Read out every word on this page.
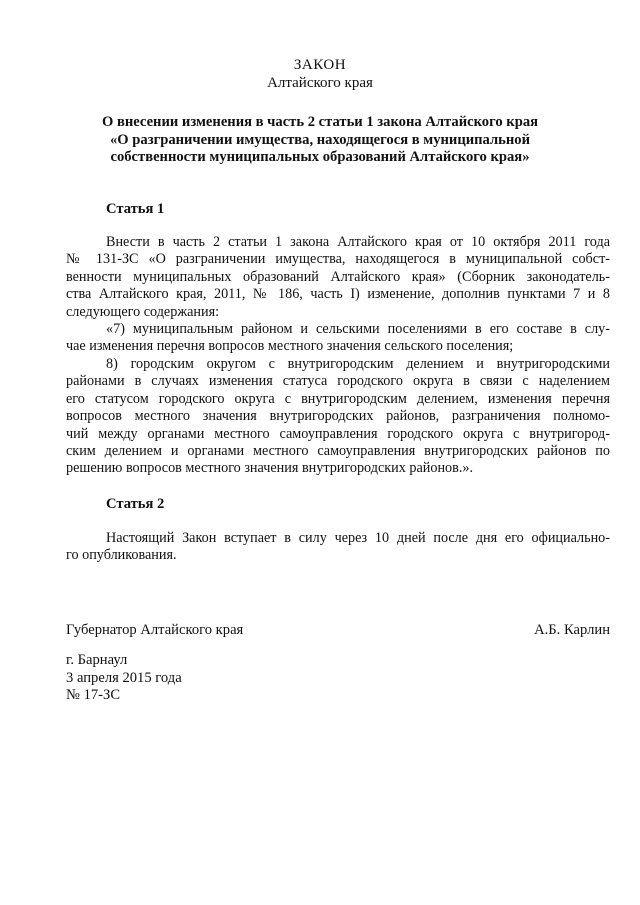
ЗАКОН
Алтайского края
О внесении изменения в часть 2 статьи 1 закона Алтайского края
«О разграничении имущества, находящегося в муниципальной
собственности муниципальных образований Алтайского края»
Статья 1
Внести в часть 2 статьи 1 закона Алтайского края от 10 октября 2011 года
№ 131-ЗС «О разграничении имущества, находящегося в муниципальной собст-
венности муниципальных образований Алтайского края» (Сборник законодатель-
ства Алтайского края, 2011, № 186, часть I) изменение, дополнив пунктами 7 и 8
следующего содержания:
«7) муниципальным районом и сельскими поселениями в его составе в слу-
чае изменения перечня вопросов местного значения сельского поселения;
8) городским округом с внутригородским делением и внутригородскими
районами в случаях изменения статуса городского округа в связи с наделением
его статусом городского округа с внутригородским делением, изменения перечня
вопросов местного значения внутригородских районов, разграничения полномо-
чий между органами местного самоуправления городского округа с внутригород-
ским делением и органами местного самоуправления внутригородских районов по
решению вопросов местного значения внутригородских районов.».
Статья 2
Настоящий Закон вступает в силу через 10 дней после дня его официально-
го опубликования.
Губернатор Алтайского края	А.Б. Карлин
г. Барнаул
3 апреля 2015 года
№ 17-ЗС
